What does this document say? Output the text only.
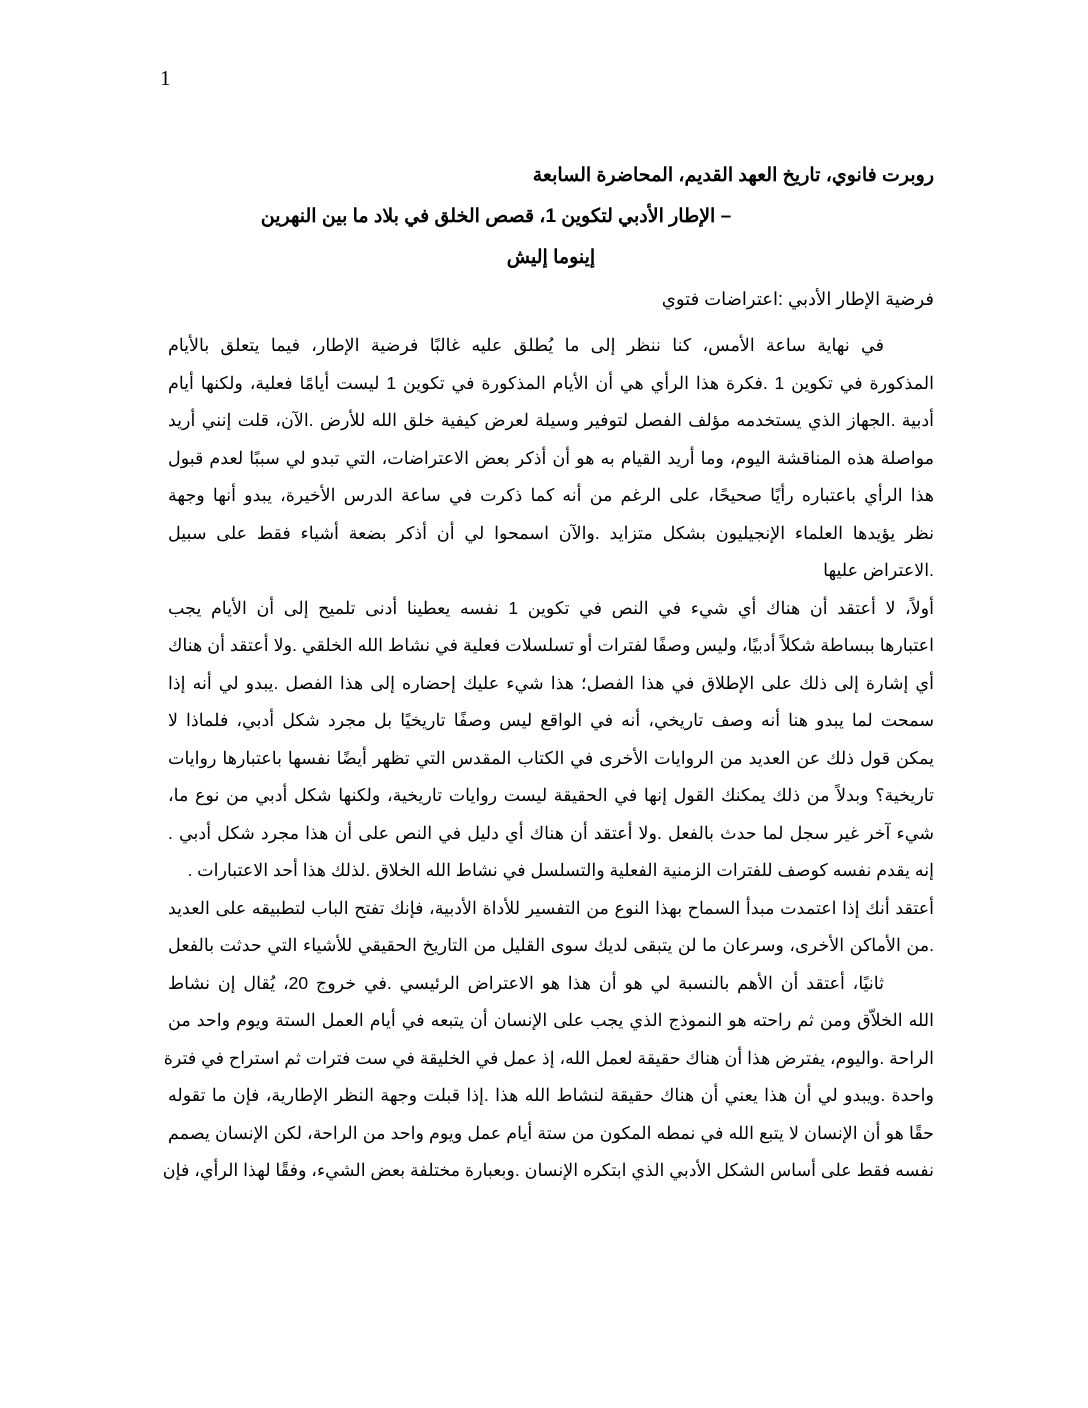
1
روبرت فانوي، تاريخ العهد القديم، المحاضرة السابعة
– الإطار الأدبي لتكوين 1، قصص الخلق في بلاد ما بين النهرين
إينوما إليش
فرضية الإطار الأدبي :اعتراضات فتوي
في نهاية ساعة الأمس، كنا ننظر إلى ما يُطلق عليه غالبًا فرضية الإطار، فيما يتعلق بالأيام
المذكورة في تكوين 1 .فكرة هذا الرأي هي أن الأيام المذكورة في تكوين 1 ليست أيامًا فعلية، ولكنها أيام
أدبية .الجهاز الذي يستخدمه مؤلف الفصل لتوفير وسيلة لعرض كيفية خلق الله للأرض .الآن، قلت إنني أريد
مواصلة هذه المناقشة اليوم، وما أريد القيام به هو أن أذكر بعض الاعتراضات، التي تبدو لي سببًا لعدم قبول
هذا الرأي باعتباره رأيًا صحيحًا، على الرغم من أنه كما ذكرت في ساعة الدرس الأخيرة، يبدو أنها وجهة
نظر يؤيدها العلماء الإنجيليون بشكل متزايد .والآن اسمحوا لي أن أذكر بضعة أشياء فقط على سبيل
.الاعتراض عليها
أولاً، لا أعتقد أن هناك أي شيء في النص في تكوين 1 نفسه يعطينا أدنى تلميح إلى أن الأيام يجب
اعتبارها ببساطة شكلاً أدبيًا، وليس وصفًا لفترات أو تسلسلات فعلية في نشاط الله الخلقي .ولا أعتقد أن هناك
أي إشارة إلى ذلك على الإطلاق في هذا الفصل؛ هذا شيء عليك إحضاره إلى هذا الفصل .يبدو لي أنه إذا
سمحت لما يبدو هنا أنه وصف تاريخي، أنه في الواقع ليس وصفًا تاريخيًا بل مجرد شكل أدبي، فلماذا لا
يمكن قول ذلك عن العديد من الروايات الأخرى في الكتاب المقدس التي تظهر أيضًا نفسها باعتبارها روايات
تاريخية؟ وبدلاً من ذلك يمكنك القول إنها في الحقيقة ليست روايات تاريخية، ولكنها شكل أدبي من نوع ما،
شيء آخر غير سجل لما حدث بالفعل .ولا أعتقد أن هناك أي دليل في النص على أن هذا مجرد شكل أدبي .
إنه يقدم نفسه كوصف للفترات الزمنية الفعلية والتسلسل في نشاط الله الخلاق .لذلك هذا أحد الاعتبارات .
أعتقد أنك إذا اعتمدت مبدأ السماح بهذا النوع من التفسير للأداة الأدبية، فإنك تفتح الباب لتطبيقه على العديد
.من الأماكن الأخرى، وسرعان ما لن يتبقى لديك سوى القليل من التاريخ الحقيقي للأشياء التي حدثت بالفعل
ثانيًا، أعتقد أن الأهم بالنسبة لي هو أن هذا هو الاعتراض الرئيسي .في خروج 20، يُقال إن نشاط
الله الخلاّق ومن ثم راحته هو النموذج الذي يجب على الإنسان أن يتبعه في أيام العمل الستة ويوم واحد من
الراحة .واليوم، يفترض هذا أن هناك حقيقة لعمل الله، إذ عمل في الخليقة في ست فترات ثم استراح في فترة
واحدة .ويبدو لي أن هذا يعني أن هناك حقيقة لنشاط الله هذا .إذا قبلت وجهة النظر الإطارية، فإن ما تقوله
حقًا هو أن الإنسان لا يتبع الله في نمطه المكون من ستة أيام عمل ويوم واحد من الراحة، لكن الإنسان يصمم
نفسه فقط على أساس الشكل الأدبي الذي ابتكره الإنسان .وبعبارة مختلفة بعض الشيء، وفقًا لهذا الرأي، فإن
